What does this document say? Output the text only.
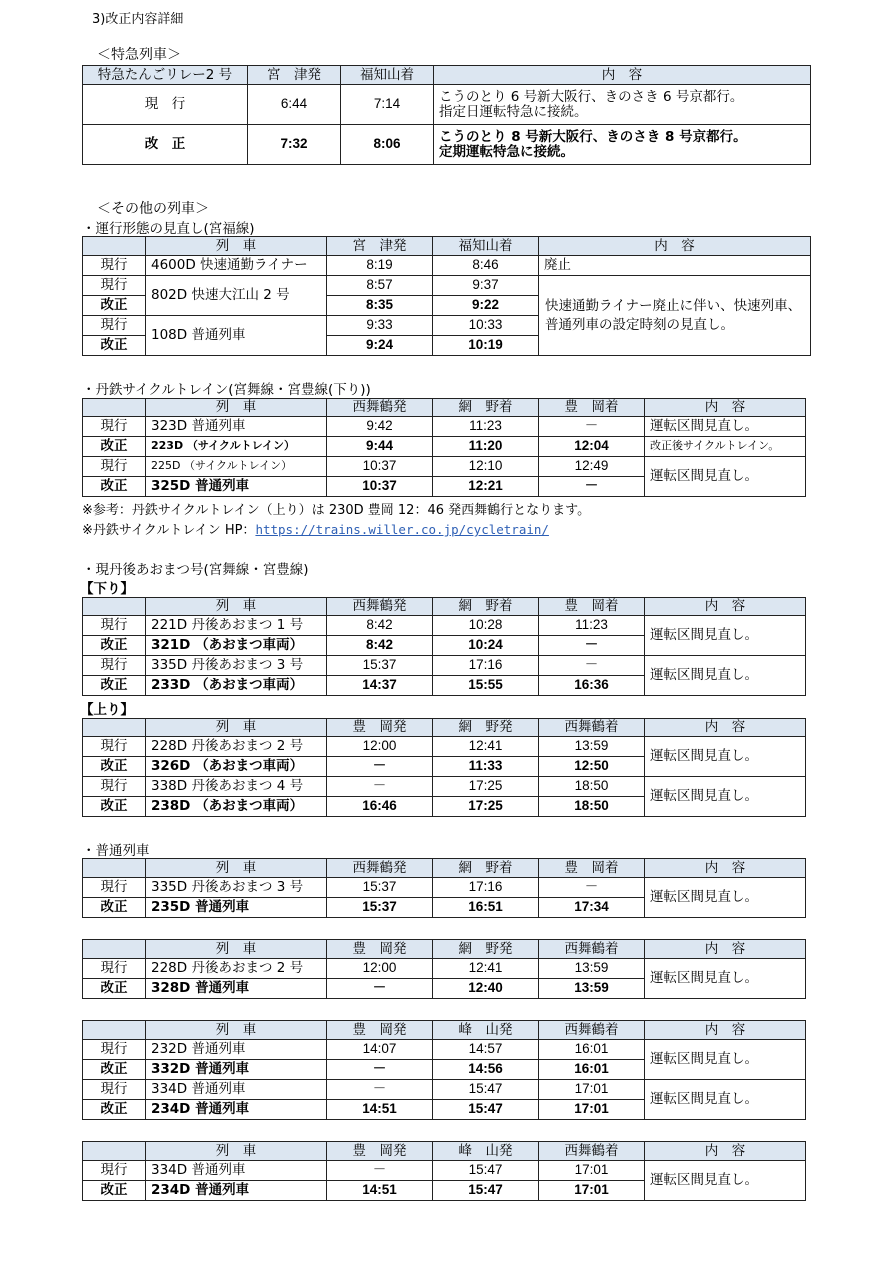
3)改正内容詳細
＜特急列車＞
特急たんごリレー2 号	宮　津発	福知山着	内　容
現　行	6:44	7:14	こうのとり 6 号新大阪行、きのさき 6 号京都行。
指定日運転特急に接続。

改　正	7:32	8:06	こうのとり 8 号新大阪行、きのさき 8 号京都行。
定期運転特急に接続。
＜その他の列車＞
・運行形態の見直し(宮福線)
	列　車	宮　津発	福知山着	内　容
現行	4600D 快速通勤ライナー	8:19	8:46	廃止
現行	802D 快速大江山 2 号	8:57	9:37	快速通勤ライナー廃止に伴い、快速列車、普通列車の設定時刻の見直し。
改正		8:35	9:22	
現行	108D 普通列車	9:33	10:33	
改正		9:24	10:19	
・丹鉄サイクルトレイン(宮舞線・宮豊線(下り))
	列　車	西舞鶴発	網　野着	豊　岡着	内　容
現行	323D 普通列車	9:42	11:23	－	運転区間見直し。
改正	223D （サイクルトレイン）	9:44	11:20	12:04	改正後サイクルトレイン。
現行	225D （サイクルトレイン）	10:37	12:10	12:49	運転区間見直し。
改正	325D 普通列車	10:37	12:21	－	
※参考：丹鉄サイクルトレイン（上り）は 230D 豊岡 12：46 発西舞鶴行となります。
※丹鉄サイクルトレイン HP：https://trains.willer.co.jp/cycletrain/
・現丹後あおまつ号(宮舞線・宮豊線)
【下り】
	列　車	西舞鶴発	網　野着	豊　岡着	内　容
現行	221D 丹後あおまつ 1 号	8:42	10:28	11:23	運転区間見直し。
改正	321D （あおまつ車両）	8:42	10:24	－	
現行	335D 丹後あおまつ 3 号	15:37	17:16	－	運転区間見直し。
改正	233D （あおまつ車両）	14:37	15:55	16:36	
【上り】
	列　車	豊　岡発	網　野発	西舞鶴着	内　容
現行	228D 丹後あおまつ 2 号	12:00	12:41	13:59	運転区間見直し。
改正	326D （あおまつ車両）	－	11:33	12:50	
現行	338D 丹後あおまつ 4 号	－	17:25	18:50	運転区間見直し。
改正	238D （あおまつ車両）	16:46	17:25	18:50	
・普通列車
	列　車	西舞鶴発	網　野着	豊　岡着	内　容
現行	335D 丹後あおまつ 3 号	15:37	17:16	－	運転区間見直し。
改正	235D 普通列車	15:37	16:51	17:34	
	列　車	豊　岡発	網　野発	西舞鶴着	内　容
現行	228D 丹後あおまつ 2 号	12:00	12:41	13:59	運転区間見直し。
改正	328D 普通列車	－	12:40	13:59	
	列　車	豊　岡発	峰　山発	西舞鶴着	内　容
現行	232D 普通列車	14:07	14:57	16:01	運転区間見直し。
改正	332D 普通列車	－	14:56	16:01	
現行	334D 普通列車	－	15:47	17:01	運転区間見直し。
改正	234D 普通列車	14:51	15:47	17:01	
	列　車	豊　岡発	峰　山発	西舞鶴着	内　容
現行	334D 普通列車	－	15:47	17:01	運転区間見直し。
改正	234D 普通列車	14:51	15:47	17:01	
